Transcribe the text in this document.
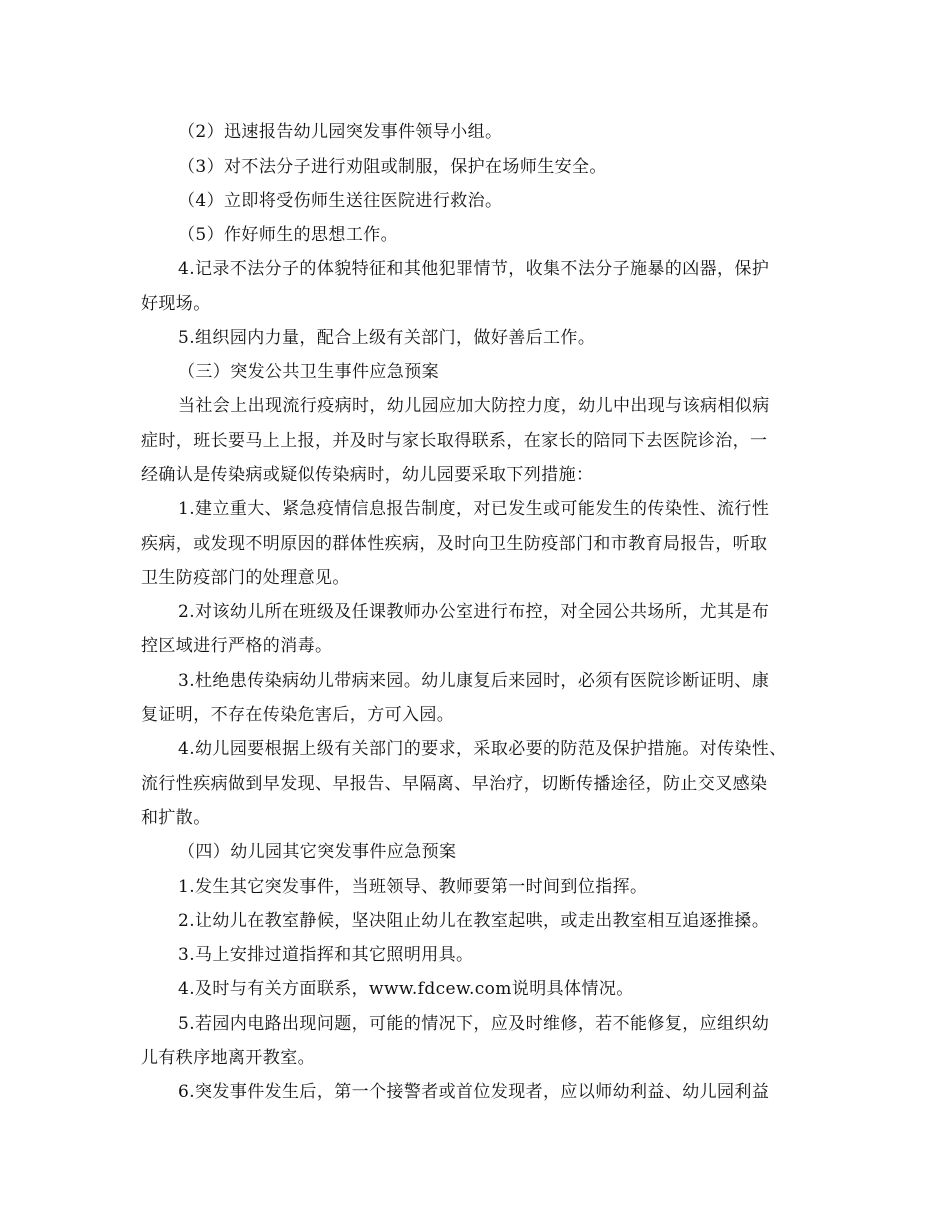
（2）迅速报告幼儿园突发事件领导小组。
（3）对不法分子进行劝阻或制服，保护在场师生安全。
（4）立即将受伤师生送往医院进行救治。
（5）作好师生的思想工作。
4.记录不法分子的体貌特征和其他犯罪情节，收集不法分子施暴的凶器，保护
好现场。
5.组织园内力量，配合上级有关部门，做好善后工作。
（三）突发公共卫生事件应急预案
当社会上出现流行疫病时，幼儿园应加大防控力度，幼儿中出现与该病相似病
症时，班长要马上上报，并及时与家长取得联系，在家长的陪同下去医院诊治，一
经确认是传染病或疑似传染病时，幼儿园要采取下列措施：
1.建立重大、紧急疫情信息报告制度，对已发生或可能发生的传染性、流行性
疾病，或发现不明原因的群体性疾病，及时向卫生防疫部门和市教育局报告，听取
卫生防疫部门的处理意见。
2.对该幼儿所在班级及任课教师办公室进行布控，对全园公共场所，尤其是布
控区域进行严格的消毒。
3.杜绝患传染病幼儿带病来园。幼儿康复后来园时，必须有医院诊断证明、康
复证明，不存在传染危害后，方可入园。
4.幼儿园要根据上级有关部门的要求，采取必要的防范及保护措施。对传染性、
流行性疾病做到早发现、早报告、早隔离、早治疗，切断传播途径，防止交叉感染
和扩散。
（四）幼儿园其它突发事件应急预案
1.发生其它突发事件，当班领导、教师要第一时间到位指挥。
2.让幼儿在教室静候，坚决阻止幼儿在教室起哄，或走出教室相互追逐推搡。
3.马上安排过道指挥和其它照明用具。
4.及时与有关方面联系，www.fdcew.com说明具体情况。
5.若园内电路出现问题，可能的情况下，应及时维修，若不能修复，应组织幼
儿有秩序地离开教室。
6.突发事件发生后，第一个接警者或首位发现者，应以师幼利益、幼儿园利益
